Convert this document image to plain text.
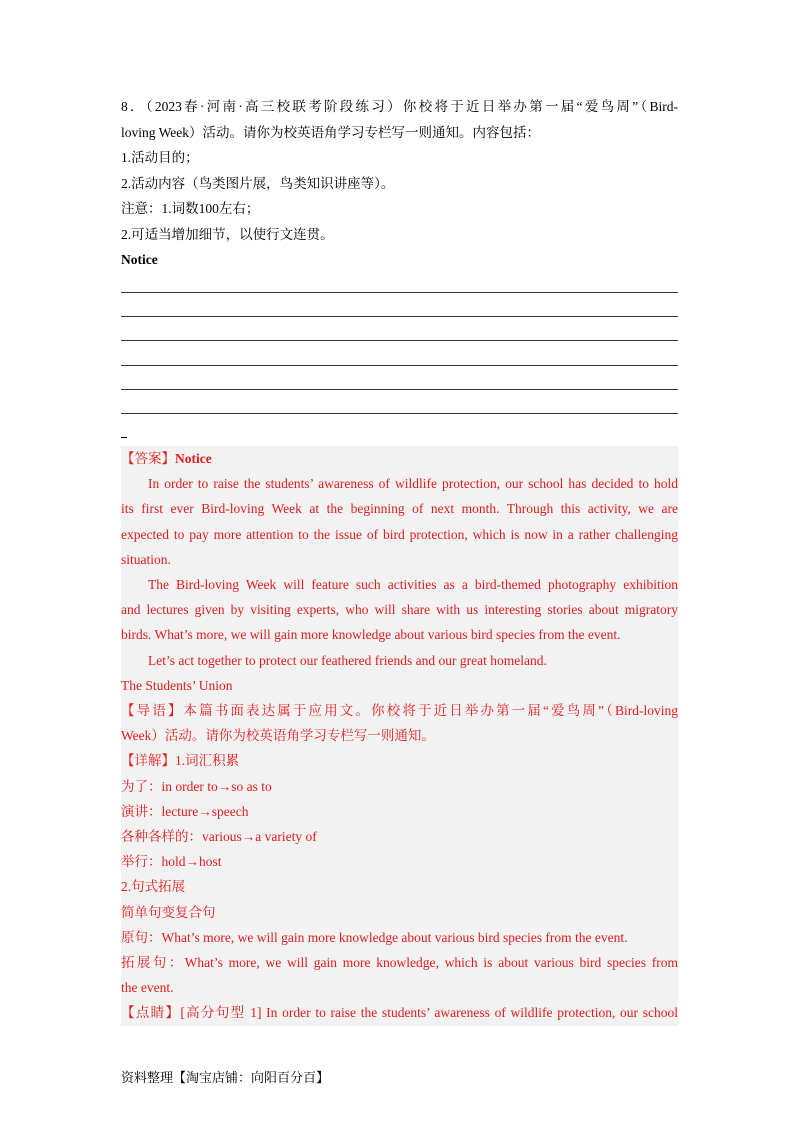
8．（2023春·河南·高三校联考阶段练习）你校将于近日举办第一届“爱鸟周”（Bird-
loving Week）活动。请你为校英语角学习专栏写一则通知。内容包括：
1.活动目的；
2.活动内容（鸟类图片展，鸟类知识讲座等）。
注意：1.词数100左右；
2.可适当增加细节，以使行文连贯。
Notice
【答案】Notice
In order to raise the students’ awareness of wildlife protection, our school has decided to hold
its first ever Bird-loving Week at the beginning of next month. Through this activity, we are
expected to pay more attention to the issue of bird protection, which is now in a rather challenging
situation.
The Bird-loving Week will feature such activities as a bird-themed photography exhibition
and lectures given by visiting experts, who will share with us interesting stories about migratory
birds. What’s more, we will gain more knowledge about various bird species from the event.
Let’s act together to protect our feathered friends and our great homeland.
The Students’ Union
【导语】本篇书面表达属于应用文。你校将于近日举办第一届“爱鸟周”（Bird-loving
Week）活动。请你为校英语角学习专栏写一则通知。
【详解】1.词汇积累
为了：in order to→so as to
演讲：lecture→speech
各种各样的：various→a variety of
举行：hold→host
2.句式拓展
简单句变复合句
原句：What’s more, we will gain more knowledge about various bird species from the event.
拓展句：What’s more, we will gain more knowledge, which is about various bird species from
the event.
【点睛】[高分句型 1] In order to raise the students’ awareness of wildlife protection, our school
资料整理【淘宝店铺：向阳百分百】
